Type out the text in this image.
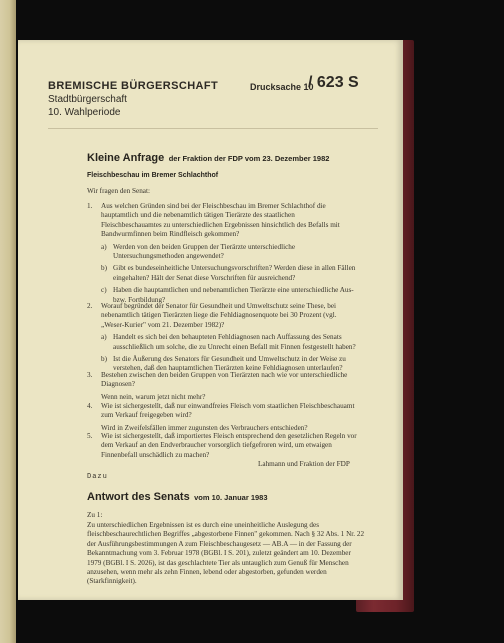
BREMISCHE BÜRGERSCHAFT
Stadtbürgerschaft
10. Wahlperiode
Drucksache 10
/ 623 S
Kleine Anfrage der Fraktion der FDP vom 23. Dezember 1982
Fleischbeschau im Bremer Schlachthof
Wir fragen den Senat:
1. Aus welchen Gründen sind bei der Fleischbeschau im Bremer Schlachthof die hauptamtlich und die nebenamtlich tätigen Tierärzte des staatlichen Fleischbeschauamtes zu unterschiedlichen Ergebnissen hinsichtlich des Befalls mit Bandwurmfinnen beim Rindfleisch gekommen?
a) Werden von den beiden Gruppen der Tierärzte unterschiedliche Untersuchungsmethoden angewendet?
b) Gibt es bundeseinheitliche Untersuchungsvorschriften? Werden diese in allen Fällen eingehalten? Hält der Senat diese Vorschriften für ausreichend?
c) Haben die hauptamtlichen und nebenamtlichen Tierärzte eine unterschiedliche Aus- bzw. Fortbildung?
2. Worauf begründet der Senator für Gesundheit und Umweltschutz seine These, bei nebenamtlich tätigen Tierärzten liege die Fehldiagnosenquote bei 30 Prozent (vgl. „Weser-Kurier" vom 21. Dezember 1982)?
a) Handelt es sich bei den behaupteten Fehldiagnosen nach Auffassung des Senats ausschließlich um solche, die zu Unrecht einen Befall mit Finnen festgestellt haben?
b) Ist die Äußerung des Senators für Gesundheit und Umweltschutz in der Weise zu verstehen, daß den hauptamtlichen Tierärzten keine Fehldiagnosen unterlaufen?
3. Bestehen zwischen den beiden Gruppen von Tierärzten nach wie vor unterschiedliche Diagnosen?
Wenn nein, warum jetzt nicht mehr?
4. Wie ist sichergestellt, daß nur einwandfreies Fleisch vom staatlichen Fleischbeschauamt zum Verkauf freigegeben wird?
Wird in Zweifelsfällen immer zugunsten des Verbrauchers entschieden?
5. Wie ist sichergestellt, daß importiertes Fleisch entsprechend den gesetzlichen Regeln vor dem Verkauf an den Endverbraucher vorsorglich tiefgefroren wird, um etwaigen Finnenbefall unschädlich zu machen?
Lahmann und Fraktion der FDP
Dazu
Antwort des Senats vom 10. Januar 1983
Zu 1:
Zu unterschiedlichen Ergebnissen ist es durch eine uneinheitliche Auslegung des fleischbeschaurechtlichen Begriffes „abgestorbene Finnen" gekommen. Nach § 32 Abs. 1 Nr. 22 der Ausführungsbestimmungen A zum Fleischbeschaugesetz — AB.A — in der Fassung der Bekanntmachung vom 3. Februar 1978 (BGBl. I S. 201), zuletzt geändert am 10. Dezember 1979 (BGBl. I S. 2026), ist das geschlachtete Tier als untauglich zum Genuß für Menschen anzusehen, wenn mehr als zehn Finnen, lebend oder abgestorben, gefunden werden (Starkfinnigkeit).
